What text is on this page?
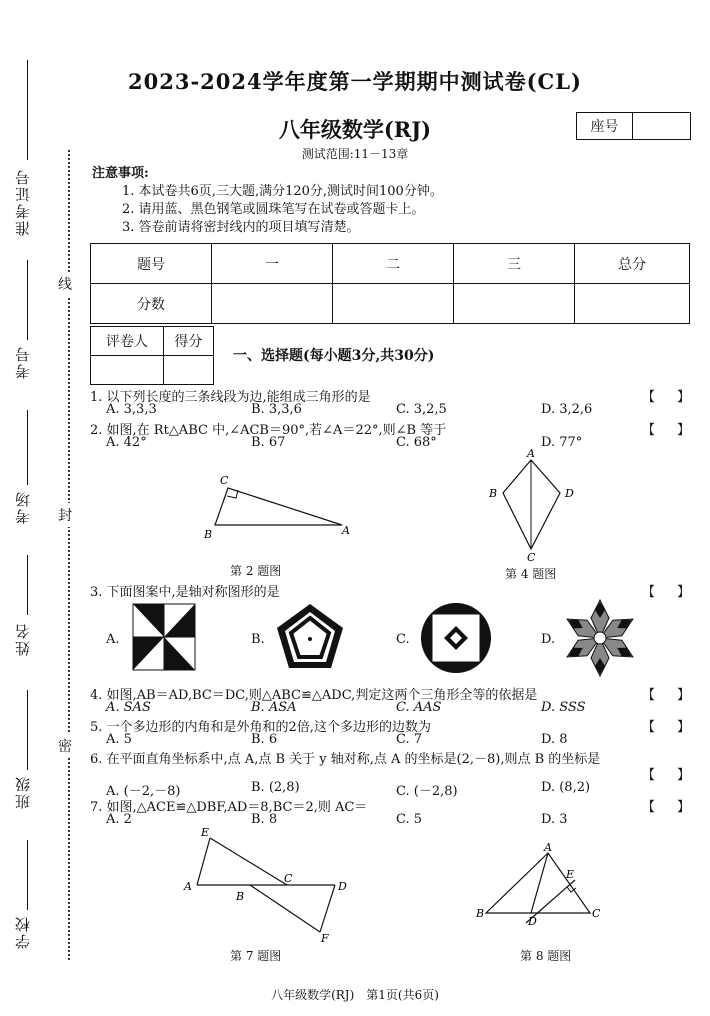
准考证号
考号
考场
姓名
班级
学校
线
封
密
2023-2024学年度第一学期期中测试卷(CL)
八年级数学(RJ)	座号
测试范围:11－13章
注意事项:
1. 本试卷共6页,三大题,满分120分,测试时间100分钟。
2. 请用蓝、黑色钢笔或圆珠笔写在试卷或答题卡上。
3. 答卷前请将密封线内的项目填写清楚。
题号	一	二	三	总分
分数				
评卷人	得分

一、选择题(每小题3分,共30分)
1. 以下列长度的三条线段为边,能组成三角形的是	【 】
A. 3,3,3	B. 3,3,6	C. 3,2,5	D. 3,2,6
2. 如图,在 Rt△ABC 中,∠ACB＝90°,若∠A＝22°,则∠B 等于	【 】
A. 42°	B. 67	C. 68°	D. 77°
C
B	A
第 2 题图
A
B	D
C
第 4 题图
3. 下面图案中,是轴对称图形的是	【 】
A.	B.	C.	D.
4. 如图,AB＝AD,BC＝DC,则△ABC≌△ADC,判定这两个三角形全等的依据是	【 】
A. SAS	B. ASA	C. AAS	D. SSS
5. 一个多边形的内角和是外角和的2倍,这个多边形的边数为	【 】
A. 5	B. 6	C. 7	D. 8
6. 在平面直角坐标系中,点 A,点 B 关于 y 轴对称,点 A 的坐标是(2,－8),则点 B 的坐标是
【 】
A. (－2,－8)	B. (2,8)	C. (－2,8)	D. (8,2)
7. 如图,△ACE≌△DBF,AD＝8,BC＝2,则 AC＝	【 】
A. 2	B. 8	C. 5	D. 3
E
A
C
D
B
F
第 7 题图
A
E
B
D
C
第 8 题图
八年级数学(RJ)　第1页(共6页)
